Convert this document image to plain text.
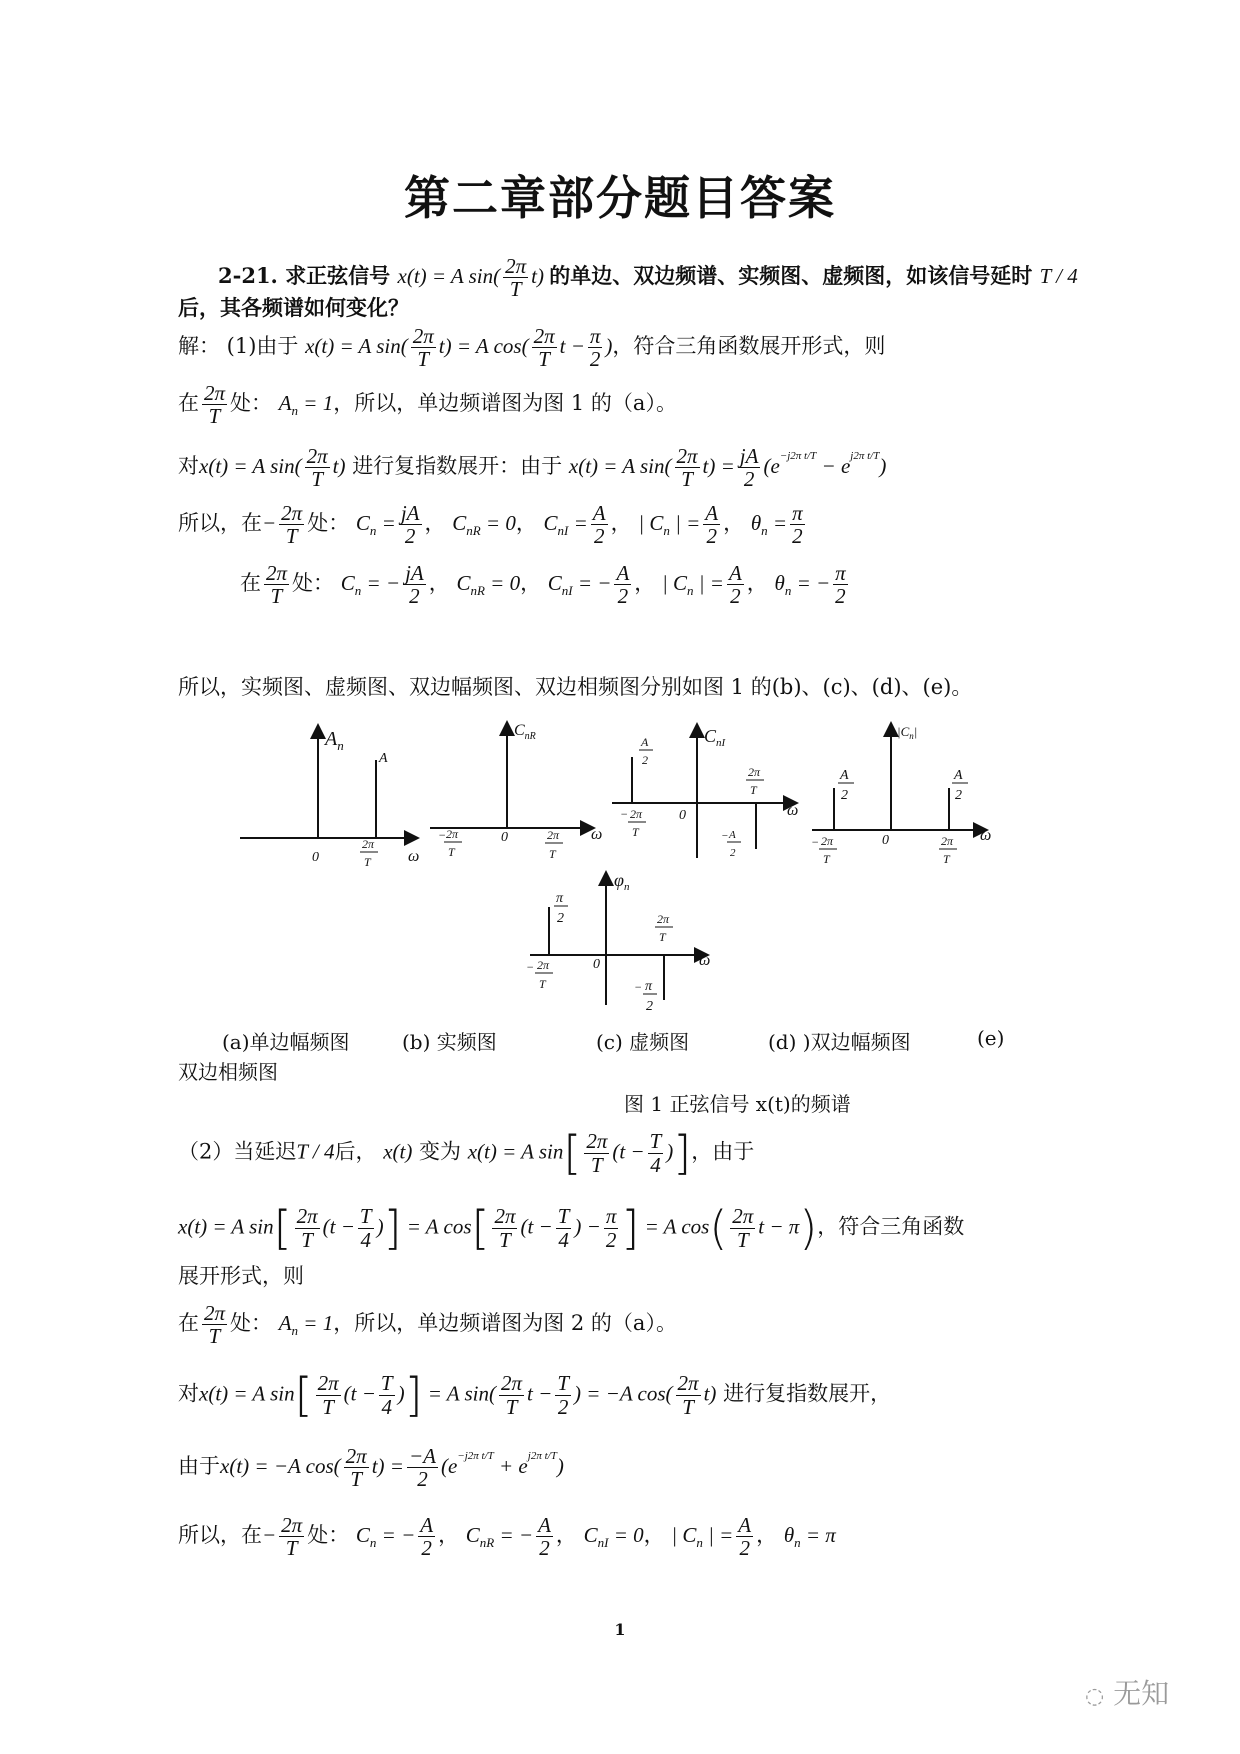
第二章部分题目答案
2-21. 求正弦信号 x(t) = A $\sin( \frac{2\pi}{T} t)$ 的单边、双边频谱、实频图、虚频图，如该信号延时 T / 4
后，其各频谱如何变化？
解： (1)由于 x(t) = A $\sin( \frac{2\pi}{T} t) = A$ $\cos( \frac{2\pi}{T}$ $t - \frac{\pi}{2}$ )，符合三角函数展开形式，则
在 $\frac{2\pi}{T}$ 处： $A_n = 1$，所以，单边频谱图为图 1 的（a）。
对x(t) = A $\sin( \frac{2\pi}{T} t)$ 进行复指数展开：由于 x(t) = A $\sin( \frac{2\pi}{T} t) = \frac{jA}{2} (e^{-j2\pi t/T} - e^{j2\pi t/T})$
所以，在− $\frac{2\pi}{T}$ 处： $C_n = \frac{jA}{2}$ ， $C_{nR} = 0$， $C_{nI} = \frac{A}{2}$ ， | $C_n$ | = $\frac{A}{2}$ ， $\theta_n = \frac{\pi}{2}$
在 $\frac{2\pi}{T}$ 处： $C_n$ = − $\frac{jA}{2}$ ， $C_{nR} = 0$， $C_{nI}$ = − $\frac{A}{2}$ ， | $C_n$ | = $\frac{A}{2}$ ， $\theta_n$ = − $\frac{\pi}{2}$
所以，实频图、虚频图、双边幅频图、双边相频图分别如图 1 的(b)、(c)、(d)、(e)。
$A_n$
A
0
2π
T ω
$C_{nR}$
− 2π
T
0	2π
T
ω
$C_{nI}$
A
2
2π
T
− 2π
T
0
− A
2
ω
$|C_n|$
A
2
A
2
− 2π
T
0	2π
T
ω
$\varphi_n$
π
2	2π
T
− 2π
T
0
− π
2
ω
(a)单边幅频图	(b) 实频图	(c) 虚频图	(d) )双边幅频图	(e)
双边相频图
图 1 正弦信号 x(t)的频谱
（2）当延迟T / 4后， x(t) 变为 x(t) = A $\sin[ \frac{2\pi}{T} (t - \frac{T}{4}$ )]，由于
x(t) = A $\sin[ \frac{2\pi}{T} (t - \frac{T}{4}$ )] = A $\cos[ \frac{2\pi}{T} (t - \frac{T}{4}$ ) − $\frac{\pi}{2}$ ] = A $\cos( \frac{2\pi}{T}$ t − π)，符合三角函数
展开形式，则
在 $\frac{2\pi}{T}$ 处： $A_n = 1$，所以，单边频谱图为图 2 的（a）。
对x(t) = A $\sin[ \frac{2\pi}{T} (t - \frac{T}{4}$ )] = A $\sin( \frac{2\pi}{T}$ $t - \frac{T}{2}$ ) = −A $\cos( \frac{2\pi}{T} t)$ 进行复指数展开，
由于x(t) = −A $\cos( \frac{2\pi}{T} t) = \frac{-A}{2} (e^{-j2\pi t/T} + e^{j2\pi t/T})$
所以，在− $\frac{2\pi}{T}$ 处： $C_n$ = − $\frac{A}{2}$ ， $C_{nR}$ = − $\frac{A}{2}$ ， $C_{nI} = 0$， | $C_n$ | = $\frac{A}{2}$ ， $\theta_n = \pi$
1
◌ 无知
